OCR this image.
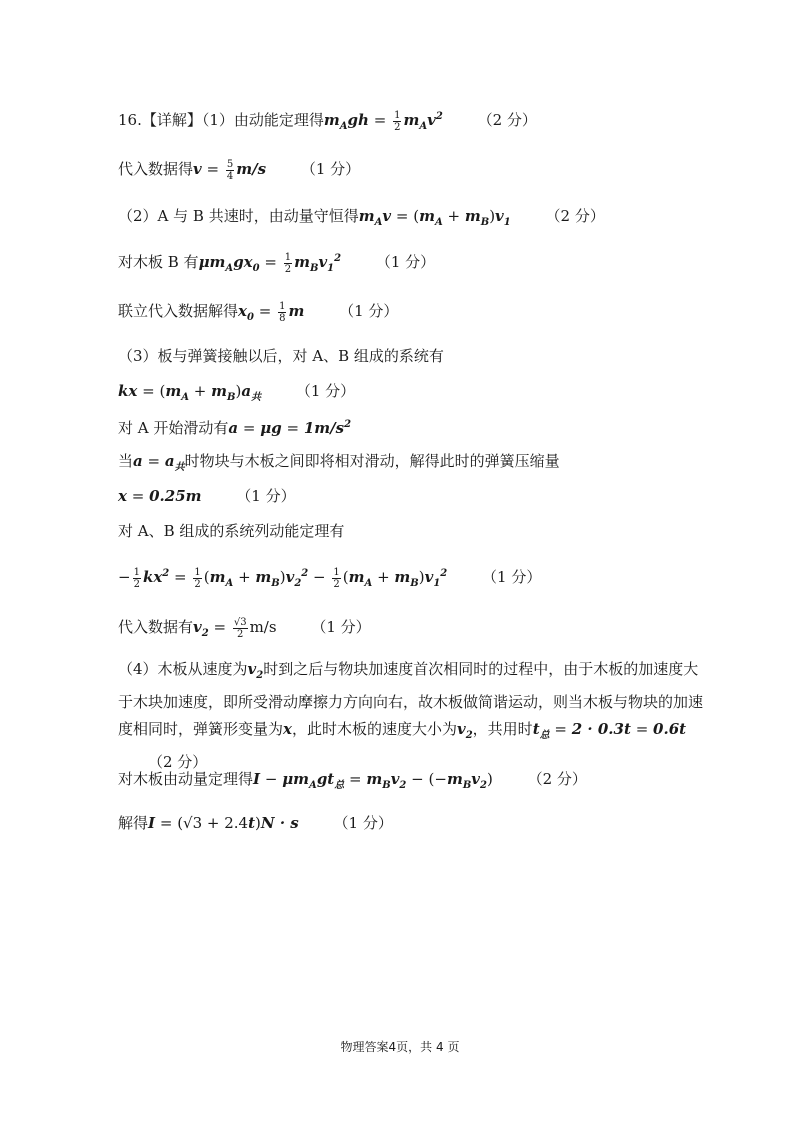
16.【详解】（1）由动能定理得$m_Agh = \frac{1}{2} m_Av^2$ （2 分）
代入数据得$v = \frac{5}{4} m/s$ （1 分）
（2）A 与 B 共速时，由动量守恒得$m_Av = (m_A + m_B)v_1$ （2 分）
对木板 B 有$\mu m_Agx_0 = \frac{1}{2} m_Bv_1^2$ （1 分）
联立代入数据解得$x_0 = \frac{1}{8}$ m （1 分）
（3）板与弹簧接触以后，对 A、B 组成的系统有
kx = $(m_A + m_B)a_共$ （1 分）
对 A 开始滑动有$a = \mu g = 1m/s^2$
当$a = a_共$时物块与木板之间即将相对滑动，解得此时的弹簧压缩量
x = 0.25m （1 分）
对 A、B 组成的系统列动能定理有
− $\frac{1}{2} kx^2 = \frac{1}{2} (m_A + m_B)v_2^2 - \frac{1}{2} (m_A + m_B)v_1^2$ （1 分）
代入数据有$v_2 = \frac{√3}{2} m/s$ （1 分）
（4）木板从速度为$v_2$时到之后与物块加速度首次相同时的过程中，由于木板的加速度大于木块加速度，即所受滑动摩擦力方向向右，故木板做简谐运动，则当木板与物块的加速度相同时，弹簧形变量为x，此时木板的速度大小为$v_2$，共用时$t_总 = 2 \cdot 0.3t = 0.6t$ （2 分）
对木板由动量定理得$I - \mu m_Agt_总 = m_Bv_2 - (-m_Bv_2)$ （2 分）
解得I = (√3 + 2.4t)N · s （1 分）
物理答案4页，共 4 页
